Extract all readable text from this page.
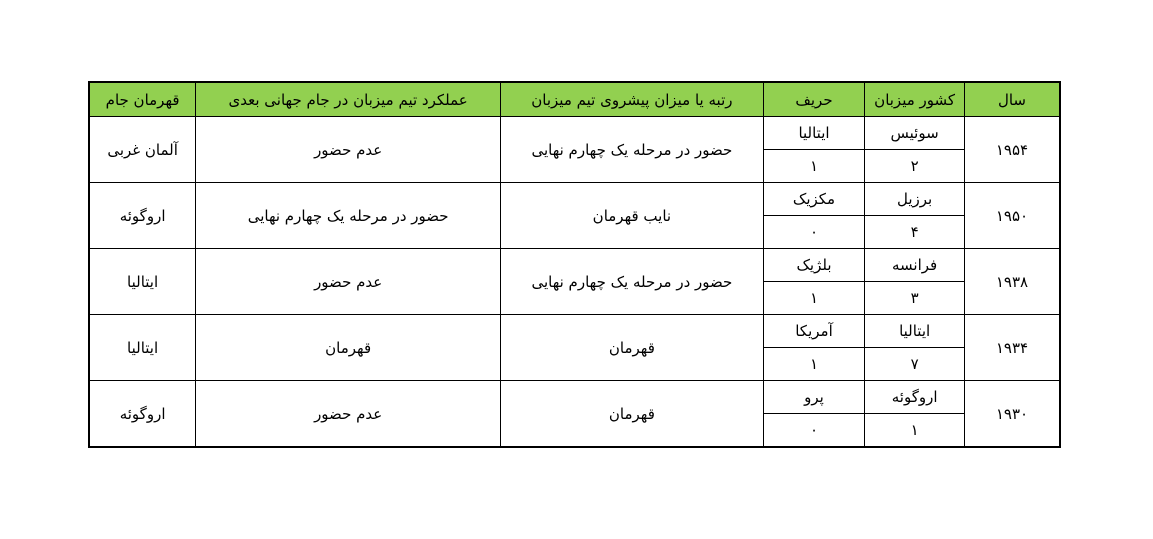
سال	کشور میزبان	حریف	رتبه یا میزان پیشروی تیم میزبان	عملکرد تیم میزبان در جام جهانی بعدی	قهرمان جام
۱۹۵۴	سوئیس	ایتالیا	حضور در مرحله یک چهارم نهایی	عدم حضور	آلمان غربی
	۲	۱			
۱۹۵۰	برزیل	مکزیک	نایب قهرمان	حضور در مرحله یک چهارم نهایی	اروگوئه
	۴	۰			
۱۹۳۸	فرانسه	بلژیک	حضور در مرحله یک چهارم نهایی	عدم حضور	ایتالیا
	۳	۱			
۱۹۳۴	ایتالیا	آمریکا	قهرمان	قهرمان	ایتالیا
	۷	۱			
۱۹۳۰	اروگوئه	پرو	قهرمان	عدم حضور	اروگوئه
	۱	۰			
